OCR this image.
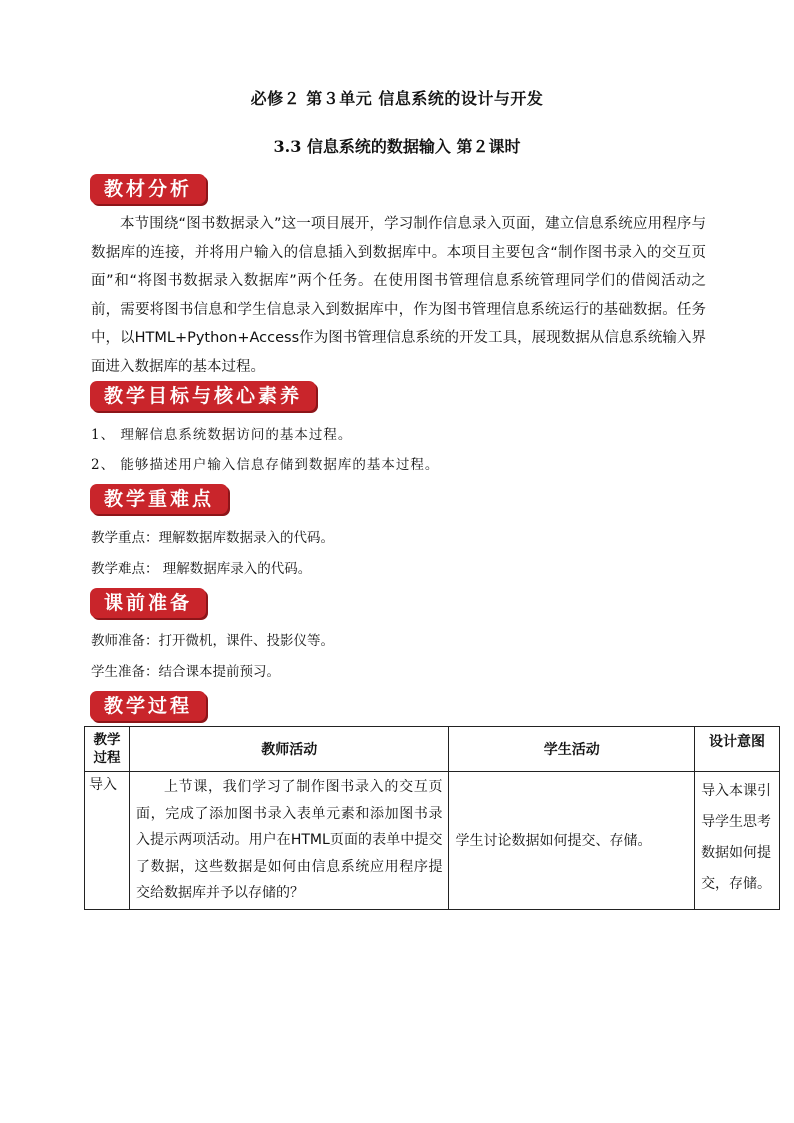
必修２ 第３单元 信息系统的设计与开发
3.3 信息系统的数据输入 第２课时
教材分析
本节围绕“图书数据录入”这一项目展开，学习制作信息录入页面，建立信息系统应用程序与数据库的连接，并将用户输入的信息插入到数据库中。本项目主要包含“制作图书录入的交互页面”和“将图书数据录入数据库”两个任务。在使用图书管理信息系统管理同学们的借阅活动之前，需要将图书信息和学生信息录入到数据库中，作为图书管理信息系统运行的基础数据。任务中，以HTML+Python+Access作为图书管理信息系统的开发工具，展现数据从信息系统输入界面进入数据库的基本过程。
教学目标与核心素养
1、 理解信息系统数据访问的基本过程。
2、 能够描述用户输入信息存储到数据库的基本过程。
教学重难点
教学重点：理解数据库数据录入的代码。
教学难点： 理解数据库录入的代码。
课前准备
教师准备：打开微机，课件、投影仪等。
学生准备：结合课本提前预习。
教学过程
教学
过程	教师活动	学生活动	设计意图
导入	上节课，我们学习了制作图书录入的交互页面，完成了添加图书录入表单元素和添加图书录入提示两项活动。用户在HTML页面的表单中提交了数据，这些数据是如何由信息系统应用程序提交给数据库并予以存储的？	学生讨论数据如何提交、存储。	导入本课引导学生思考数据如何提交，存储。
